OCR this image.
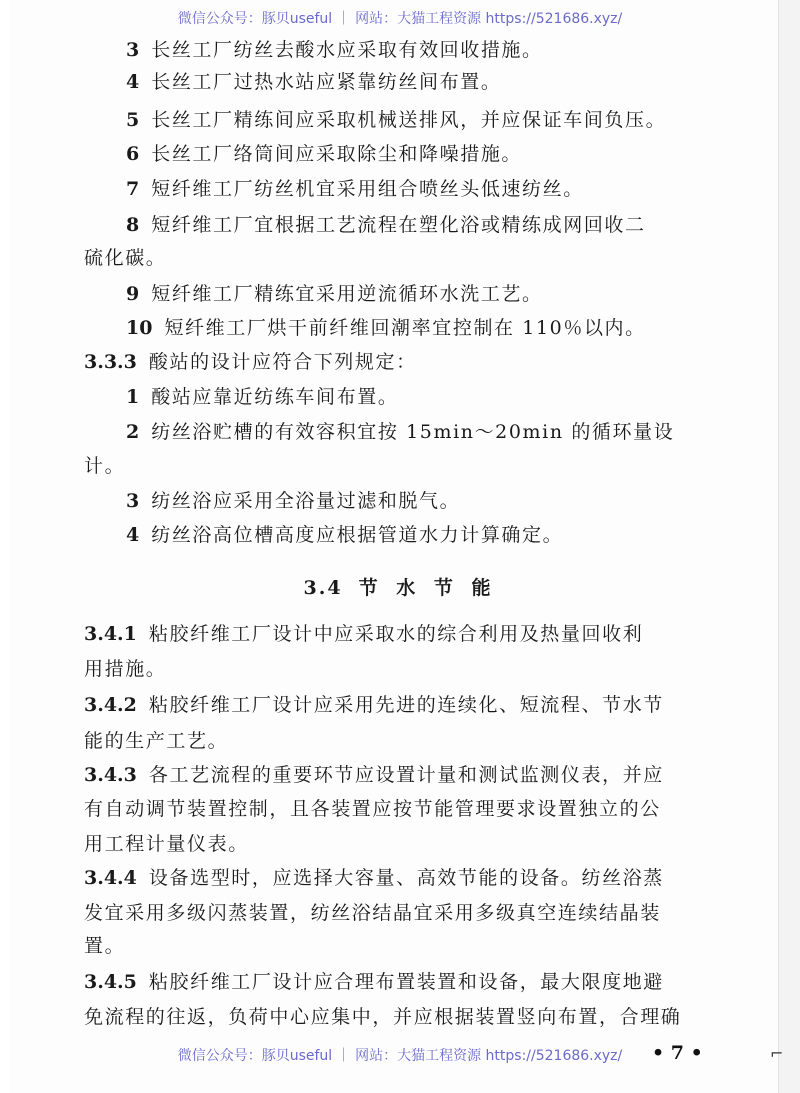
微信公众号：豚贝useful ｜ 网站：大猫工程资源 https://521686.xyz/
3 长丝工厂纺丝去酸水应采取有效回收措施。
4 长丝工厂过热水站应紧靠纺丝间布置。
5 长丝工厂精练间应采取机械送排风，并应保证车间负压。
6 长丝工厂络筒间应采取除尘和降噪措施。
7 短纤维工厂纺丝机宜采用组合喷丝头低速纺丝。
8 短纤维工厂宜根据工艺流程在塑化浴或精练成网回收二
硫化碳。
9 短纤维工厂精练宜采用逆流循环水洗工艺。
10 短纤维工厂烘干前纤维回潮率宜控制在 110％以内。
3.3.3 酸站的设计应符合下列规定：
1 酸站应靠近纺练车间布置。
2 纺丝浴贮槽的有效容积宜按 15min～20min 的循环量设
计。
3 纺丝浴应采用全浴量过滤和脱气。
4 纺丝浴高位槽高度应根据管道水力计算确定。
3.4 节 水 节 能
3.4.1 粘胶纤维工厂设计中应采取水的综合利用及热量回收利
用措施。
3.4.2 粘胶纤维工厂设计应采用先进的连续化、短流程、节水节
能的生产工艺。
3.4.3 各工艺流程的重要环节应设置计量和测试监测仪表，并应
有自动调节装置控制，且各装置应按节能管理要求设置独立的公
用工程计量仪表。
3.4.4 设备选型时，应选择大容量、高效节能的设备。纺丝浴蒸
发宜采用多级闪蒸装置，纺丝浴结晶宜采用多级真空连续结晶装
置。
3.4.5 粘胶纤维工厂设计应合理布置装置和设备，最大限度地避
免流程的往返，负荷中心应集中，并应根据装置竖向布置，合理确
微信公众号：豚贝useful ｜ 网站：大猫工程资源 https://521686.xyz/	• 7 •	⌐
